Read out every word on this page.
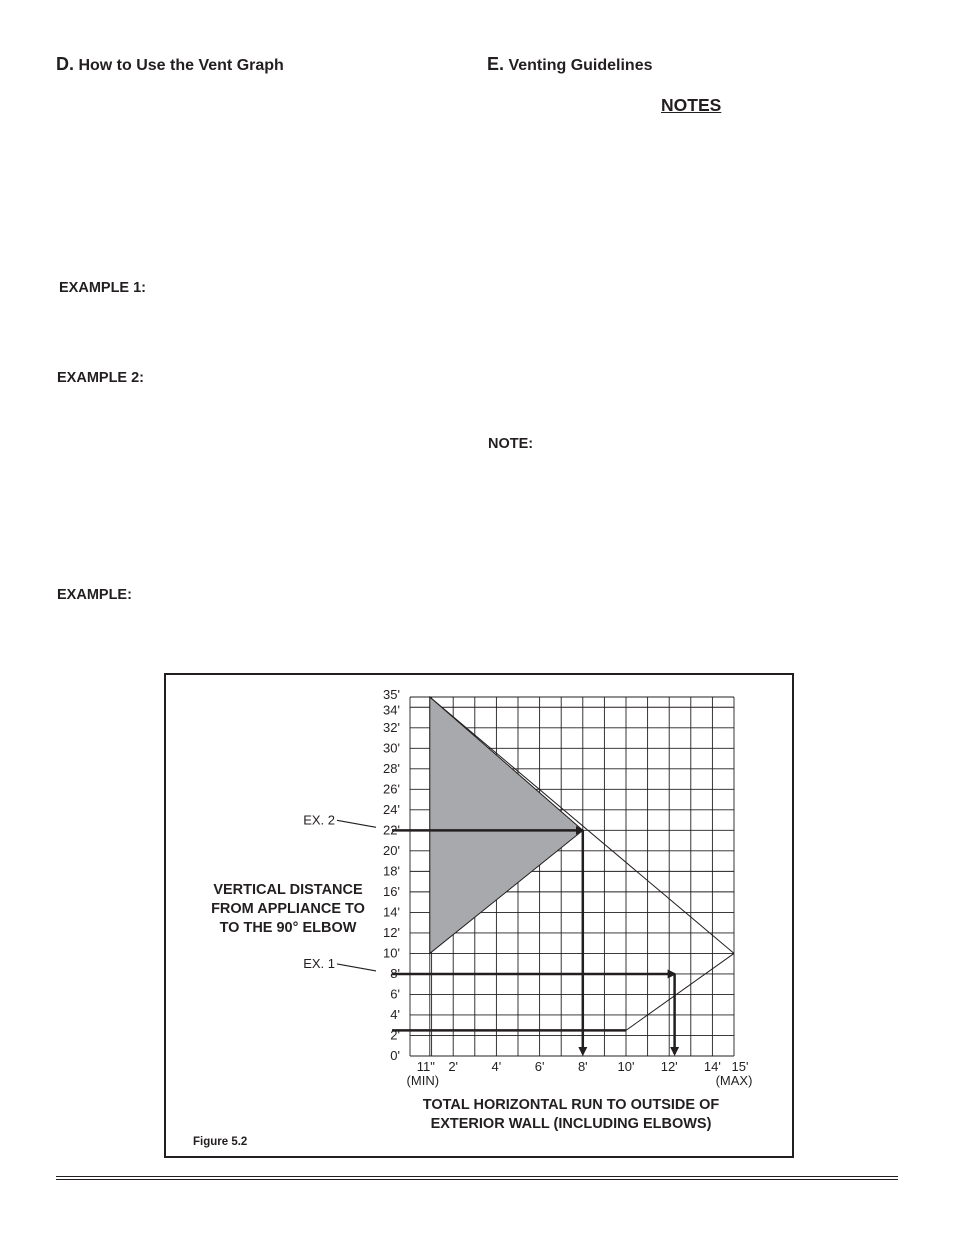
D. How to Use the Vent Graph
EXAMPLE 1:
EXAMPLE 2:
EXAMPLE:
E. Venting Guidelines
NOTES
NOTE:
EX. 1
EX. 2
0'
2'
4'
6'
8'
10'
12'
14'
16'
18'
20'
22'
24'
26'
28'
30'
32'
34'
35'
11" 2'	4'	6'	8' 10' 12' 14' 15'
(MIN)	(MAX)
VERTICAL DISTANCE
FROM APPLIANCE TO
TO THE 90° ELBOW
TOTAL HORIZONTAL RUN TO OUTSIDE OF
EXTERIOR WALL (INCLUDING ELBOWS)
Figure 5.2
